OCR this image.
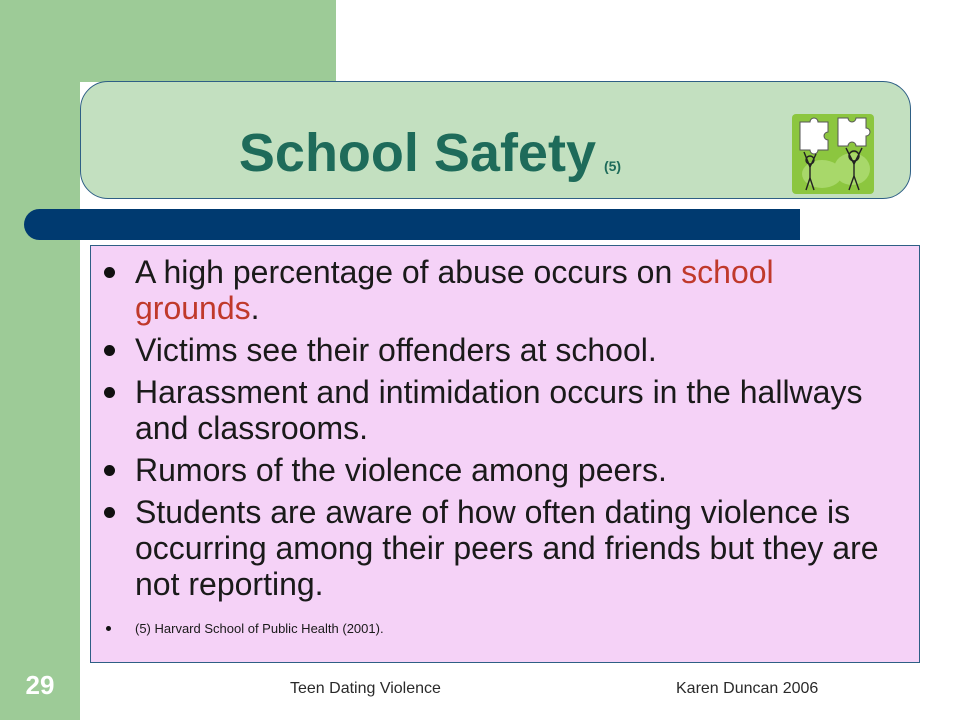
School Safety (5)
A high percentage of abuse occurs on school grounds.
Victims see their offenders at school.
Harassment and intimidation occurs in the hallways and classrooms.
Rumors of the violence among peers.
Students are aware of how often dating violence is occurring among their peers and friends but they are not reporting.
(5) Harvard School of Public Health (2001).
29	Teen Dating Violence	Karen Duncan 2006
